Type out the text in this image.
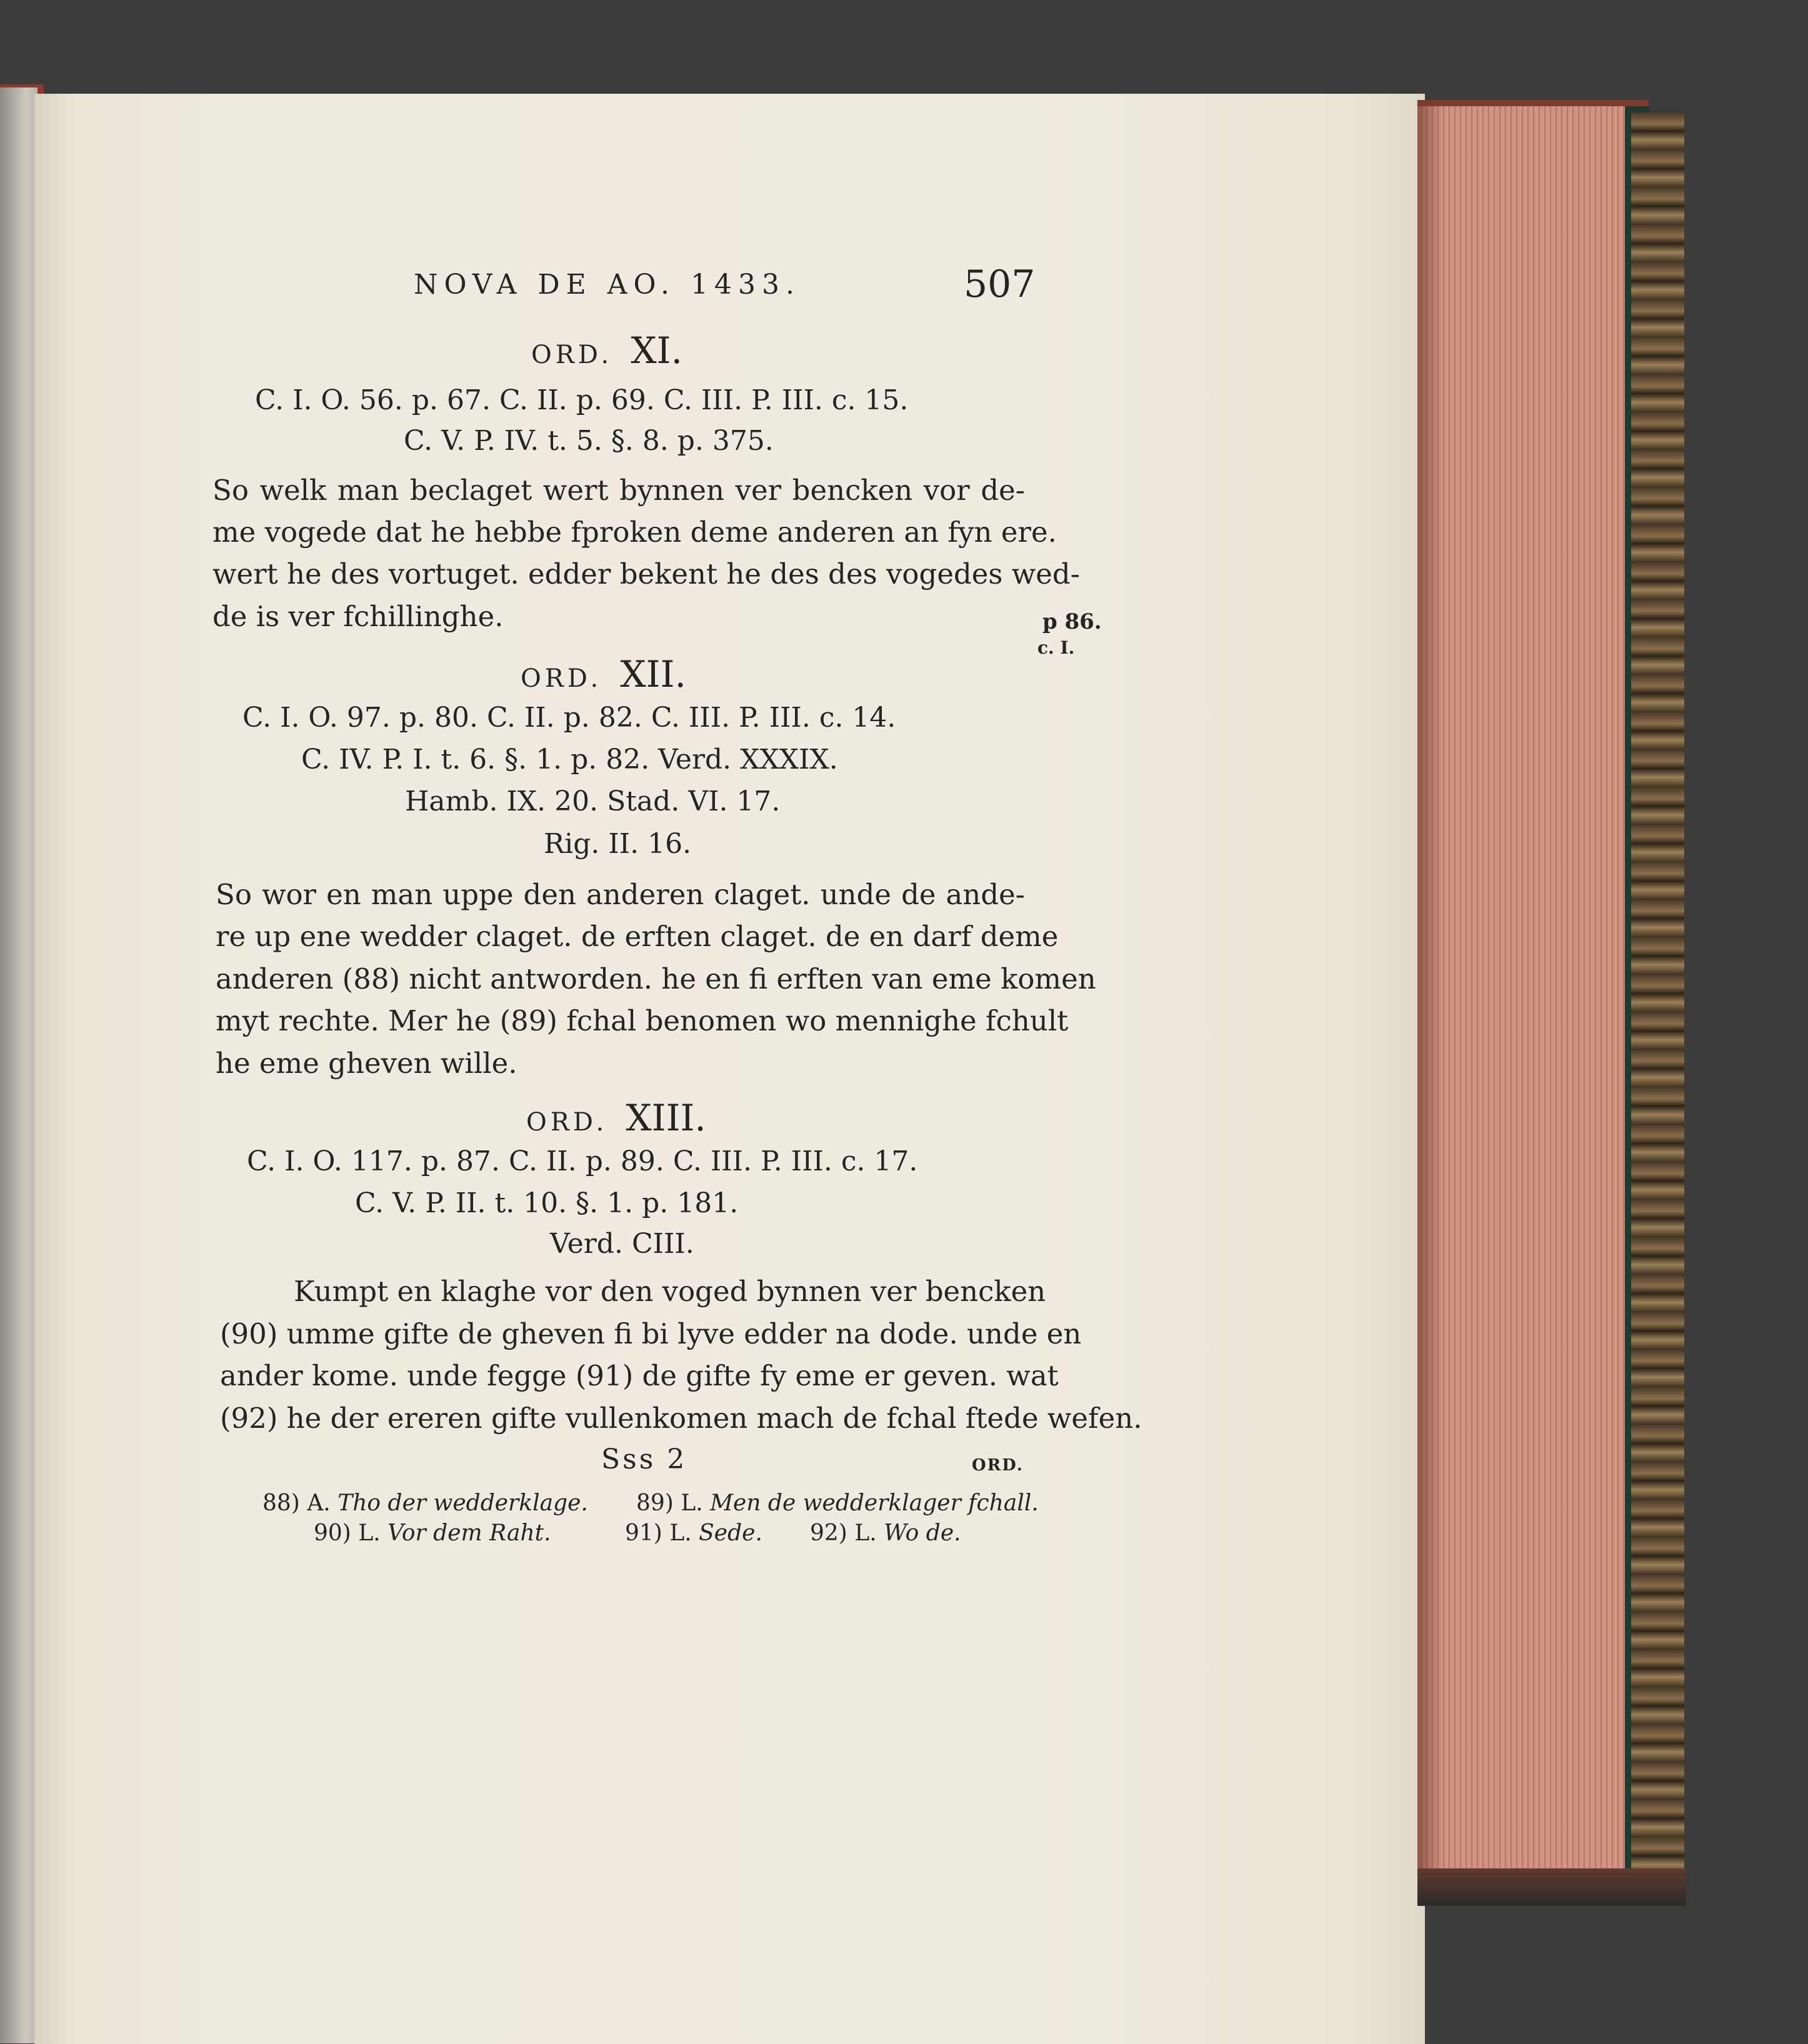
NOVA DE AO. 1433.	507
ORD. XI.
C. I. O. 56. p. 67. C. II. p. 69. C. III. P. III. c. 15.
C. V. P. IV. t. 5. §. 8. p. 375.
So welk man beclaget wert bynnen ver bencken vor de-
me vogede dat he hebbe fproken deme anderen an fyn ere.
wert he des vortuget. edder bekent he des des vogedes wed-
de is ver fchillinghe.	p 86.
c. I.
ORD. XII.
C. I. O. 97. p. 80. C. II. p. 82. C. III. P. III. c. 14.
C. IV. P. I. t. 6. §. 1. p. 82. Verd. XXXIX.
Hamb. IX. 20. Stad. VI. 17.
Rig. II. 16.
So wor en man uppe den anderen claget. unde de ande-
re up ene wedder claget. de erften claget. de en darf deme
anderen (88) nicht antworden. he en fi erften van eme komen
myt rechte. Mer he (89) fchal benomen wo mennighe fchult
he eme gheven wille.
ORD. XIII.
C. I. O. 117. p. 87. C. II. p. 89. C. III. P. III. c. 17.
C. V. P. II. t. 10. §. 1. p. 181.
Verd. CIII.
Kumpt en klaghe vor den voged bynnen ver bencken
(90) umme gifte de gheven fi bi lyve edder na dode. unde en
ander kome. unde fegge (91) de gifte fy eme er geven. wat
(92) he der ereren gifte vullenkomen mach de fchal ftede wefen.
Sss 2	ORD.
88) A. Tho der wedderklage. 89) L. Men de wedderklager fchall.
90) L. Vor dem Raht.	91) L. Sede. 92) L. Wo de.
